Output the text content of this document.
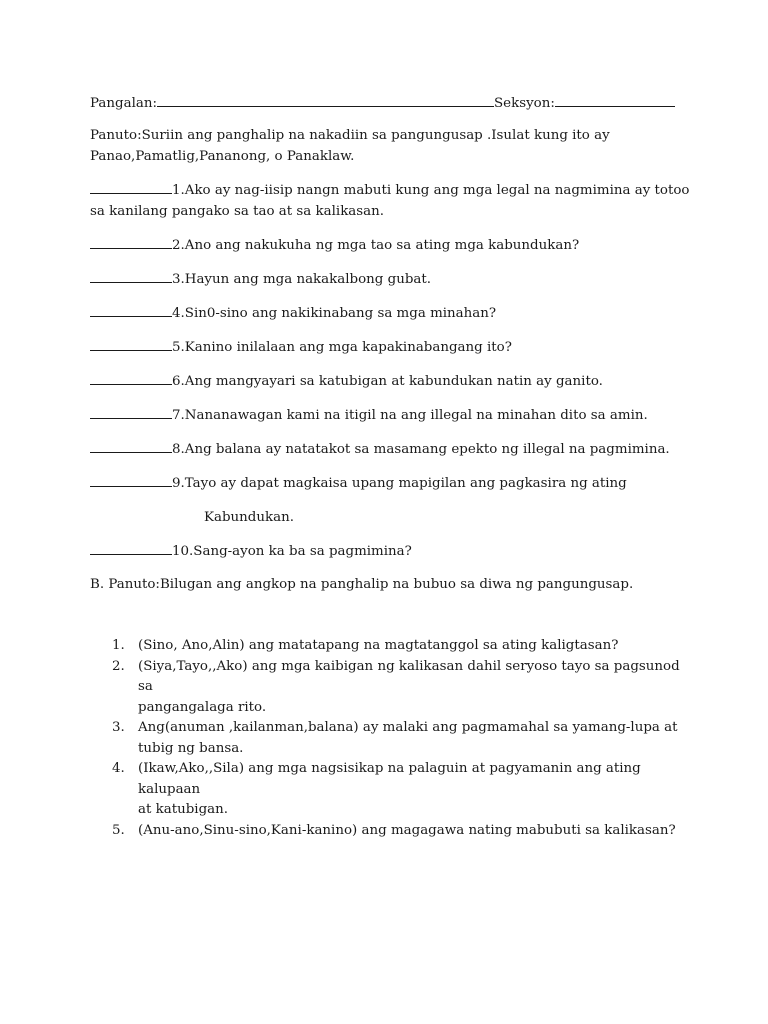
Pangalan:	Seksyon:
Panuto:Suriin ang panghalip na nakadiin sa pangungusap .Isulat kung ito ay Panao,Pamatlig,Pananong, o Panaklaw.
1.Ako ay nag-iisip nangn mabuti kung ang mga legal na nagmimina ay totoo
sa kanilang pangako sa tao at sa kalikasan.
2.Ano ang nakukuha ng mga tao sa ating mga kabundukan?
3.Hayun ang mga nakakalbong gubat.
4.Sin0-sino ang nakikinabang sa mga minahan?
5.Kanino inilalaan ang mga kapakinabangang ito?
6.Ang mangyayari sa katubigan at kabundukan natin ay ganito.
7.Nananawagan kami na itigil na ang illegal na minahan dito sa amin.
8.Ang balana ay natatakot sa masamang epekto ng illegal na pagmimina.
9.Tayo ay dapat magkaisa upang mapigilan ang pagkasira ng ating
Kabundukan.
10.Sang-ayon ka ba sa pagmimina?
B. Panuto:Bilugan ang angkop na panghalip na bubuo sa diwa ng pangungusap.
1. (Sino, Ano,Alin) ang matatapang na magtatanggol sa ating kaligtasan?
2. (Siya,Tayo,,Ako) ang mga kaibigan ng kalikasan dahil seryoso tayo sa pagsunod sa
pangangalaga rito.
3. Ang(anuman ,kailanman,balana) ay malaki ang pagmamahal sa yamang-lupa at
tubig ng bansa.
4. (Ikaw,Ako,,Sila) ang mga nagsisikap na palaguin at pagyamanin ang ating kalupaan
at katubigan.
5. (Anu-ano,Sinu-sino,Kani-kanino) ang magagawa nating mabubuti sa kalikasan?
